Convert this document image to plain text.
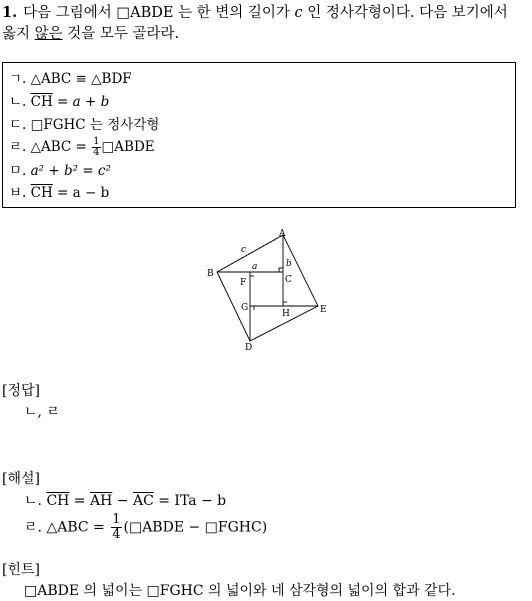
1. 다음 그림에서 □ABDE 는 한 변의 길이가 c 인 정사각형이다. 다음 보기에서
옳지 않은 것을 모두 골라라.
ㄱ. △ABC ≡ △BDF
ㄴ. $\overline{CH} = a + b$
ㄷ. □FGHC 는 정사각형
ㄹ. △ABC = $\frac{1}{4}$ □ABDE
ㅁ. a² + b² = c²
ㅂ. $\overline{CH} = a - b$
A
B
C
D
E
F
G
H
a	b
c
[정답]
ㄴ, ㄹ
[해설]
ㄴ. $\overline{CH} = \overline{AH} - \overline{AC}$ = ITa − b
ㄹ. △ABC = $\frac{1}{4}$ (□ABDE − □FGHC)
[힌트]
□ABDE 의 넓이는 □FGHC 의 넓이와 네 삼각형의 넓이의 합과 같다.
